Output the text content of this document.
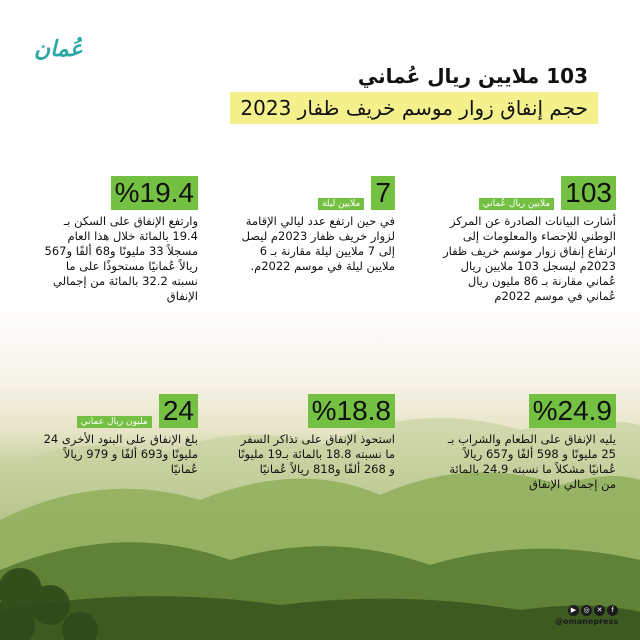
عُمان
103 ملايين ريال عُماني
حجم إنفاق زوار موسم خريف ظفار 2023
103 ملايين ريال عُماني
أشارت البيانات الصادرة عن المركز الوطني للإحصاء والمعلومات إلى ارتفاع إنفاق زوار موسم خريف ظفار 2023م ليسجل 103 ملايين ريال عُماني مقارنة بـ 86 مليون ريال عُماني في موسم 2022م
7 ملايين ليلة
في حين ارتفع عدد ليالي الإقامة لزوار خريف ظفار 2023م ليصل إلى 7 ملايين ليلة مقارنة بـ 6 ملايين ليلة في موسم 2022م.
%19.4
وارتفع الإنفاق على السكن بـ 19.4 بالمائة خلال هذا العام مسجلاً 33 مليونًا و68 ألفًا و567 ريالاً عُمانيًا مستحوذًا على ما نسبته 32.2 بالمائة من إجمالي الإنفاق
%24.9
يليه الإنفاق على الطعام والشراب بـ 25 مليونًا و 598 ألفًا و657 ريالاً عُمانيًا مشكلاً ما نسبته 24.9 بالمائة من إجمالي الإنفاق
%18.8
استحوذ الإنفاق على تذاكر السفر ما نسبته 18.8 بالمائة بـ19 مليونًا و 268 ألفًا و818 ريالاً عُمانيًا
24 مليون ريال عماني
بلغ الإنفاق على البنود الأخرى 24 مليونًا و693 ألفًا و 979 ريالاً عُمانيًا
▶	◎	✕	f
@omanepress
